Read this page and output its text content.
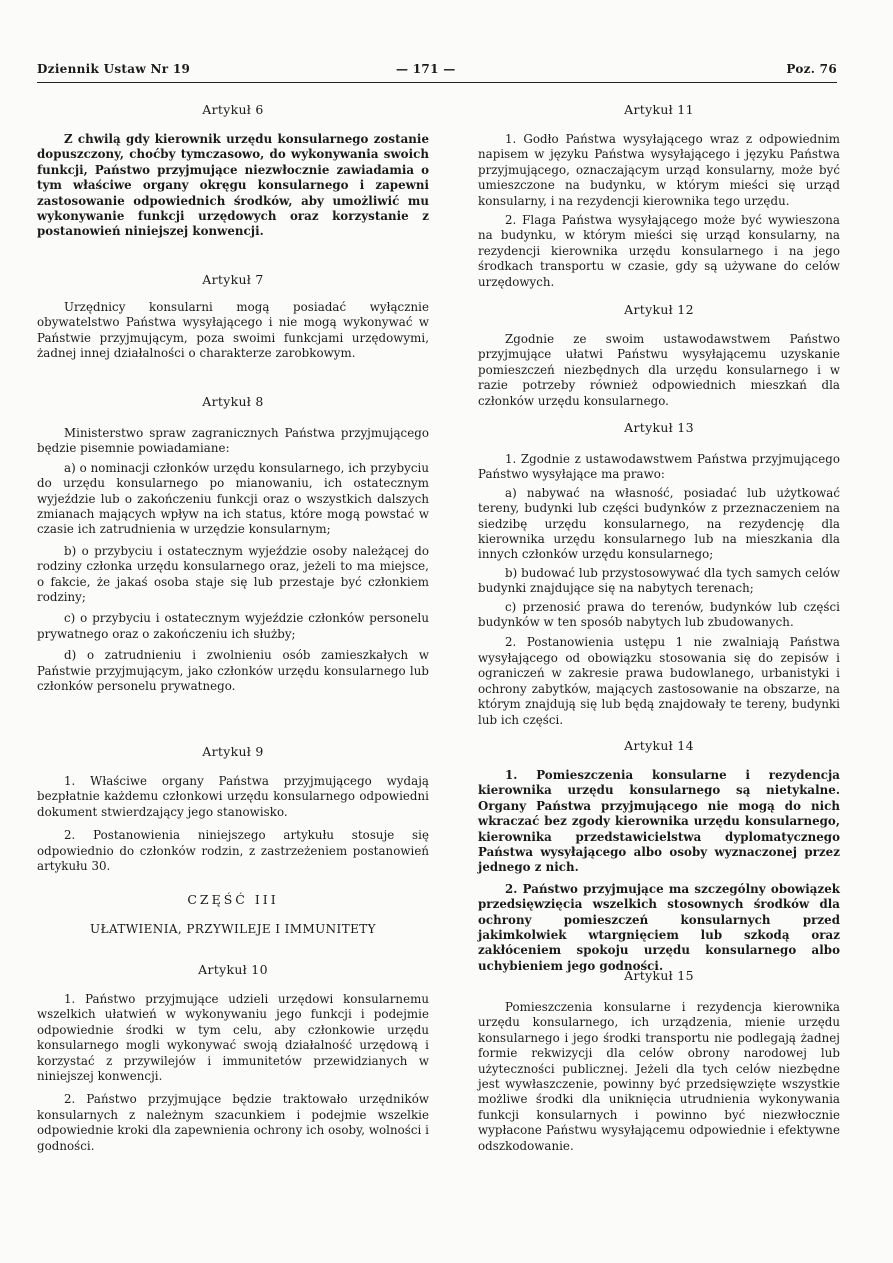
Dziennik Ustaw Nr 19	— 171 —	Poz. 76
Artykuł 6

Z chwilą gdy kierownik urzędu konsularnego zostanie dopuszczony, choćby tymczasowo, do wykonywania swoich funkcji, Państwo przyjmujące niezwłocznie zawiadamia o tym właściwe organy okręgu konsularnego i zapewni zastosowanie odpowiednich środków, aby umożliwić mu wykonywanie funkcji urzędowych oraz korzystanie z postanowień niniejszej konwencji.

Artykuł 7

Urzędnicy konsularni mogą posiadać wyłącznie obywatelstwo Państwa wysyłającego i nie mogą wykonywać w Państwie przyjmującym, poza swoimi funkcjami urzędowymi, żadnej innej działalności o charakterze zarobkowym.

Artykuł 8

Ministerstwo spraw zagranicznych Państwa przyjmującego będzie pisemnie powiadamiane:

a) o nominacji członków urzędu konsularnego, ich przybyciu do urzędu konsularnego po mianowaniu, ich ostatecznym wyjeździe lub o zakończeniu funkcji oraz o wszystkich dalszych zmianach mających wpływ na ich status, które mogą powstać w czasie ich zatrudnienia w urzędzie konsularnym;

b) o przybyciu i ostatecznym wyjeździe osoby należącej do rodziny członka urzędu konsularnego oraz, jeżeli to ma miejsce, o fakcie, że jakaś osoba staje się lub przestaje być członkiem rodziny;

c) o przybyciu i ostatecznym wyjeździe członków personelu prywatnego oraz o zakończeniu ich służby;

d) o zatrudnieniu i zwolnieniu osób zamieszkałych w Państwie przyjmującym, jako członków urzędu konsularnego lub członków personelu prywatnego.

Artykuł 9

1. Właściwe organy Państwa przyjmującego wydają bezpłatnie każdemu członkowi urzędu konsularnego odpowiedni dokument stwierdzający jego stanowisko.

2. Postanowienia niniejszego artykułu stosuje się odpowiednio do członków rodzin, z zastrzeżeniem postanowień artykułu 30.

CZĘŚĆ III

UŁATWIENIA, PRZYWILEJE I IMMUNITETY

Artykuł 10

1. Państwo przyjmujące udzieli urzędowi konsularnemu wszelkich ułatwień w wykonywaniu jego funkcji i podejmie odpowiednie środki w tym celu, aby członkowie urzędu konsularnego mogli wykonywać swoją działalność urzędową i korzystać z przywilejów i immunitetów przewidzianych w niniejszej konwencji.

2. Państwo przyjmujące będzie traktowało urzędników konsularnych z należnym szacunkiem i podejmie wszelkie odpowiednie kroki dla zapewnienia ochrony ich osoby, wolności i godności.

Artykuł 11

1. Godło Państwa wysyłającego wraz z odpowiednim napisem w języku Państwa wysyłającego i języku Państwa przyjmującego, oznaczającym urząd konsularny, może być umieszczone na budynku, w którym mieści się urząd konsularny, i na rezydencji kierownika tego urzędu.

2. Flaga Państwa wysyłającego może być wywieszona na budynku, w którym mieści się urząd konsularny, na rezydencji kierownika urzędu konsularnego i na jego środkach transportu w czasie, gdy są używane do celów urzędowych.

Artykuł 12

Zgodnie ze swoim ustawodawstwem Państwo przyjmujące ułatwi Państwu wysyłającemu uzyskanie pomieszczeń niezbędnych dla urzędu konsularnego i w razie potrzeby również odpowiednich mieszkań dla członków urzędu konsularnego.

Artykuł 13

1. Zgodnie z ustawodawstwem Państwa przyjmującego Państwo wysyłające ma prawo:

a) nabywać na własność, posiadać lub użytkować tereny, budynki lub części budynków z przeznaczeniem na siedzibę urzędu konsularnego, na rezydencję dla kierownika urzędu konsularnego lub na mieszkania dla innych członków urzędu konsularnego;

b) budować lub przystosowywać dla tych samych celów budynki znajdujące się na nabytych terenach;

c) przenosić prawa do terenów, budynków lub części budynków w ten sposób nabytych lub zbudowanych.

2. Postanowienia ustępu 1 nie zwalniają Państwa wysyłającego od obowiązku stosowania się do zepisów i ograniczeń w zakresie prawa budowlanego, urbanistyki i ochrony zabytków, mających zastosowanie na obszarze, na którym znajdują się lub będą znajdowały te tereny, budynki lub ich części.

Artykuł 14

1. Pomieszczenia konsularne i rezydencja kierownika urzędu konsularnego są nietykalne. Organy Państwa przyjmującego nie mogą do nich wkraczać bez zgody kierownika urzędu konsularnego, kierownika przedstawicielstwa dyplomatycznego Państwa wysyłającego albo osoby wyznaczonej przez jednego z nich.

2. Państwo przyjmujące ma szczególny obowiązek przedsięwzięcia wszelkich stosownych środków dla ochrony pomieszczeń konsularnych przed jakimkolwiek wtargnięciem lub szkodą oraz zakłóceniem spokoju urzędu konsularnego albo uchybieniem jego godności.

Artykuł 15

Pomieszczenia konsularne i rezydencja kierownika urzędu konsularnego, ich urządzenia, mienie urzędu konsularnego i jego środki transportu nie podlegają żadnej formie rekwizycji dla celów obrony narodowej lub użyteczności publicznej. Jeżeli dla tych celów niezbędne jest wywłaszczenie, powinny być przedsięwzięte wszystkie możliwe środki dla uniknięcia utrudnienia wykonywania funkcji konsularnych i powinno być niezwłocznie wypłacone Państwu wysyłającemu odpowiednie i efektywne odszkodowanie.
